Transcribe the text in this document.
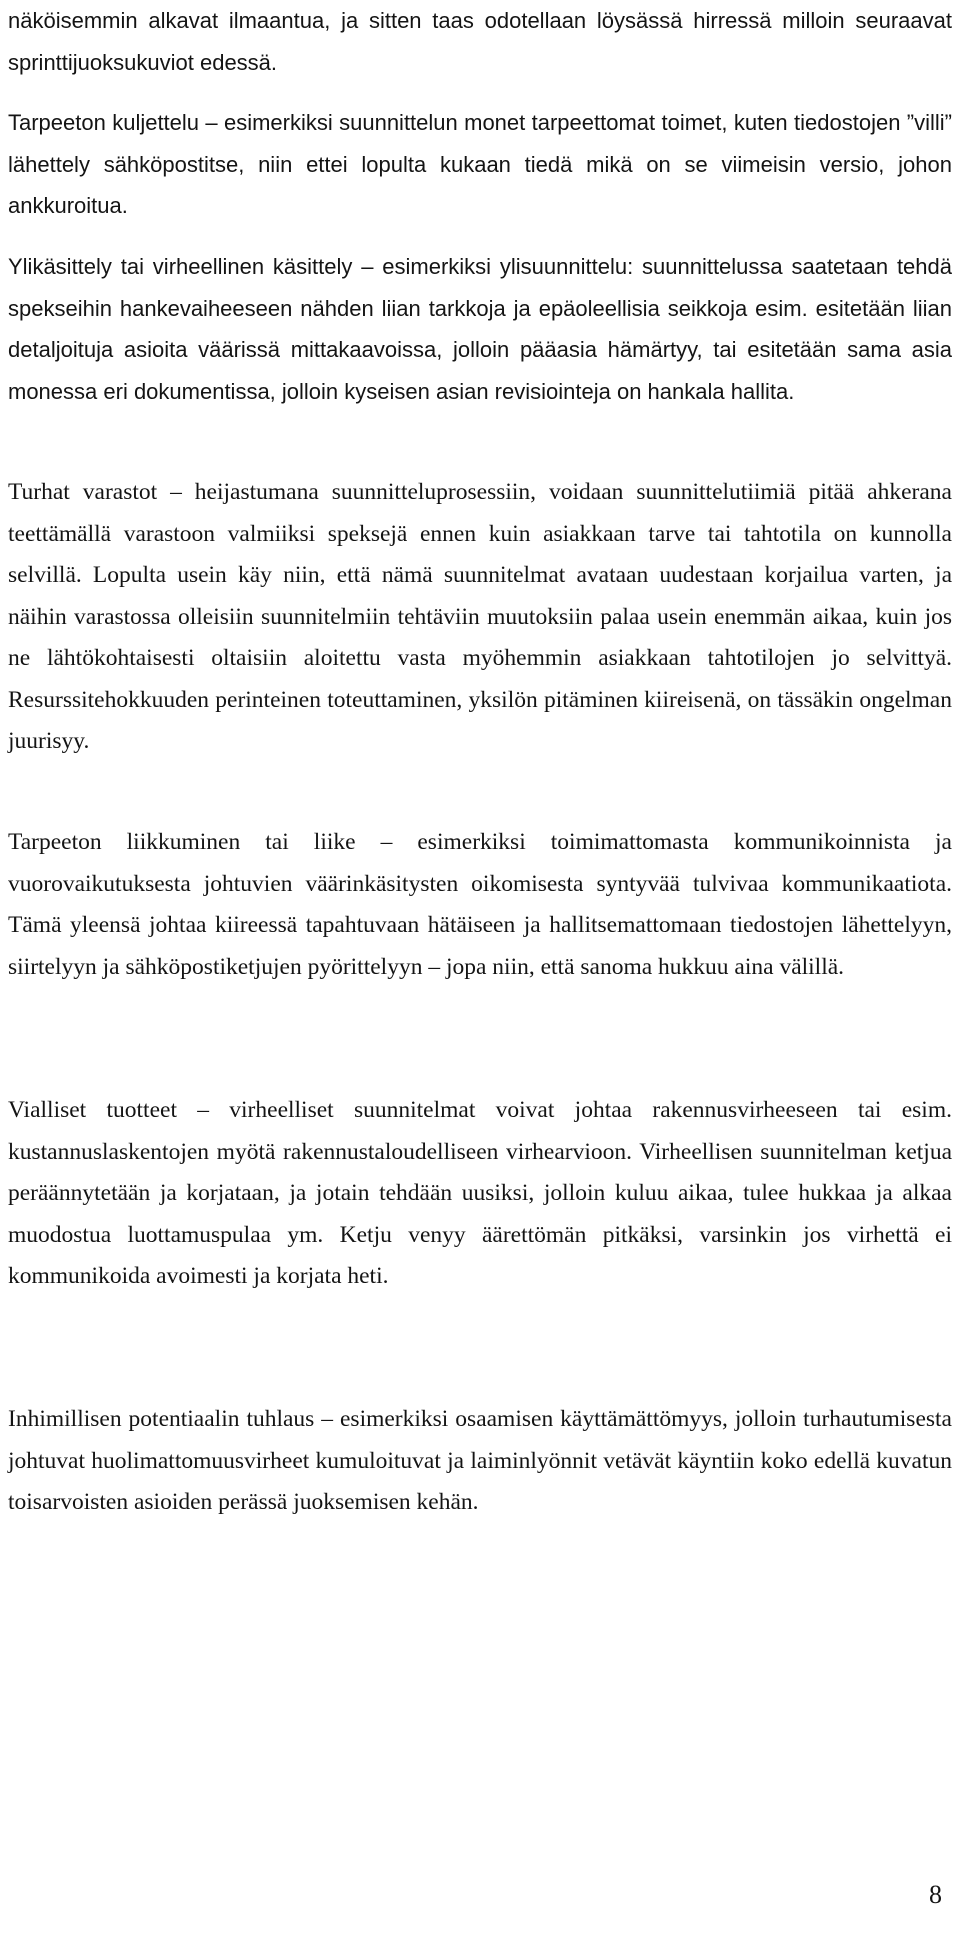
näköisemmin alkavat ilmaantua, ja sitten taas odotellaan löysässä hirressä milloin seuraavat sprinttijuoksukuviot edessä.

Tarpeeton kuljettelu – esimerkiksi suunnittelun monet tarpeettomat toimet, kuten tiedostojen ”villi” lähettely sähköpostitse, niin ettei lopulta kukaan tiedä mikä on se viimeisin versio, johon ankkuroitua.

Ylikäsittely tai virheellinen käsittely – esimerkiksi ylisuunnittelu: suunnittelussa saatetaan tehdä spekseihin hankevaiheeseen nähden liian tarkkoja ja epäoleellisia seikkoja esim. esitetään liian detaljoituja asioita väärissä mittakaavoissa, jolloin pääasia hämärtyy, tai esitetään sama asia monessa eri dokumentissa, jolloin kyseisen asian revisiointeja on hankala hallita.

Turhat varastot – heijastumana suunnitteluprosessiin, voidaan suunnittelutiimiä pitää ahkerana teettämällä varastoon valmiiksi speksejä ennen kuin asiakkaan tarve tai tahtotila on kunnolla selvillä. Lopulta usein käy niin, että nämä suunnitelmat avataan uudestaan korjailua varten, ja näihin varastossa olleisiin suunnitelmiin tehtäviin muutoksiin palaa usein enemmän aikaa, kuin jos ne lähtökohtaisesti oltaisiin aloitettu vasta myöhemmin asiakkaan tahtotilojen jo selvittyä. Resurssitehokkuuden perinteinen toteuttaminen, yksilön pitäminen kiireisenä, on tässäkin ongelman juurisyy.

Tarpeeton liikkuminen tai liike – esimerkiksi toimimattomasta kommunikoinnista ja vuorovaikutuksesta johtuvien väärinkäsitysten oikomisesta syntyvää tulvivaa kommunikaatiota. Tämä yleensä johtaa kiireessä tapahtuvaan hätäiseen ja hallitsemattomaan tiedostojen lähettelyyn, siirtelyyn ja sähköpostiketjujen pyörittelyyn – jopa niin, että sanoma hukkuu aina välillä.

Vialliset tuotteet – virheelliset suunnitelmat voivat johtaa rakennusvirheeseen tai esim. kustannuslaskentojen myötä rakennustaloudelliseen virhearvioon. Virheellisen suunnitelman ketjua peräännytetään ja korjataan, ja jotain tehdään uusiksi, jolloin kuluu aikaa, tulee hukkaa ja alkaa muodostua luottamuspulaa ym. Ketju venyy äärettömän pitkäksi, varsinkin jos virhettä ei kommunikoida avoimesti ja korjata heti.

Inhimillisen potentiaalin tuhlaus – esimerkiksi osaamisen käyttämättömyys, jolloin turhautumisesta johtuvat huolimattomuusvirheet kumuloituvat ja laiminlyönnit vetävät käyntiin koko edellä kuvatun toisarvoisten asioiden perässä juoksemisen kehän.

8
